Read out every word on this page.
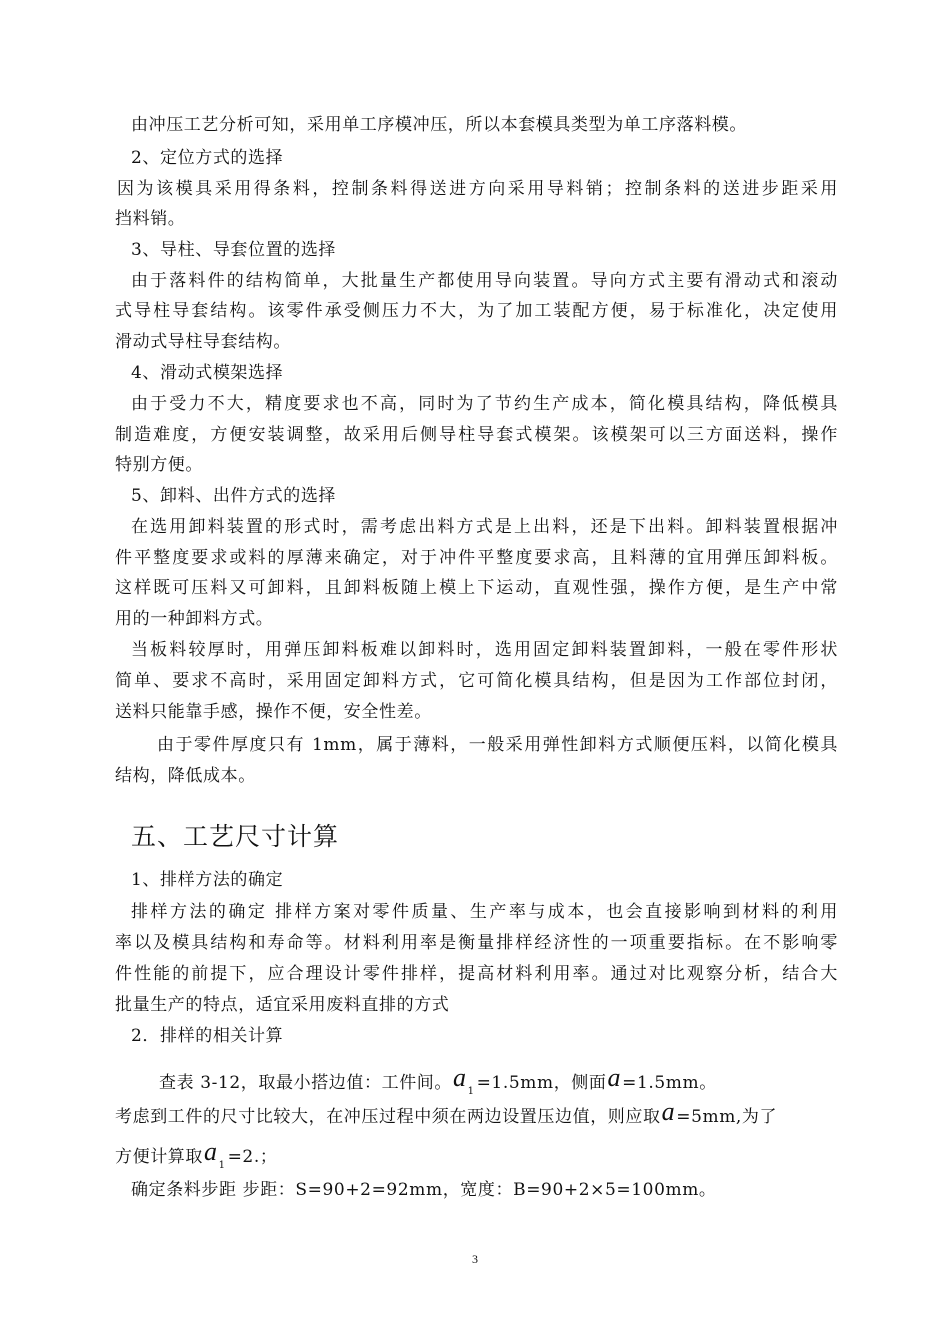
由冲压工艺分析可知，采用单工序模冲压，所以本套模具类型为单工序落料模。
2、定位方式的选择
因为该模具采用得条料，控制条料得送进方向采用导料销；控制条料的送进步距采用
挡料销。
3、导柱、导套位置的选择
由于落料件的结构简单，大批量生产都使用导向装置。导向方式主要有滑动式和滚动
式导柱导套结构。该零件承受侧压力不大，为了加工装配方便，易于标准化，决定使用
滑动式导柱导套结构。
4、滑动式模架选择
由于受力不大，精度要求也不高，同时为了节约生产成本，简化模具结构，降低模具
制造难度，方便安装调整，故采用后侧导柱导套式模架。该模架可以三方面送料，操作
特别方便。
5、卸料、出件方式的选择
在选用卸料装置的形式时，需考虑出料方式是上出料，还是下出料。卸料装置根据冲
件平整度要求或料的厚薄来确定，对于冲件平整度要求高，且料薄的宜用弹压卸料板。
这样既可压料又可卸料，且卸料板随上模上下运动，直观性强，操作方便，是生产中常
用的一种卸料方式。
当板料较厚时，用弹压卸料板难以卸料时，选用固定卸料装置卸料，一般在零件形状
简单、要求不高时，采用固定卸料方式，它可简化模具结构，但是因为工作部位封闭，
送料只能靠手感，操作不便，安全性差。
由于零件厚度只有 1mm，属于薄料，一般采用弹性卸料方式顺便压料，以简化模具
结构，降低成本。
五、工艺尺寸计算
1、排样方法的确定
排样方法的确定 排样方案对零件质量、生产率与成本，也会直接影响到材料的利用
率以及模具结构和寿命等。材料利用率是衡量排样经济性的一项重要指标。在不影响零
件性能的前提下，应合理设计零件排样，提高材料利用率。通过对比观察分析，结合大
批量生产的特点，适宜采用废料直排的方式
2．排样的相关计算
查表 3-12，取最小搭边值：工件间。a1 =1.5mm，侧面a=1.5mm。
考虑到工件的尺寸比较大，在冲压过程中须在两边设置压边值，则应取a=5mm,为了
方便计算取a1 =2.；
确定条料步距 步距：S=90+2=92mm，宽度：B=90+2×5=100mm。
3
